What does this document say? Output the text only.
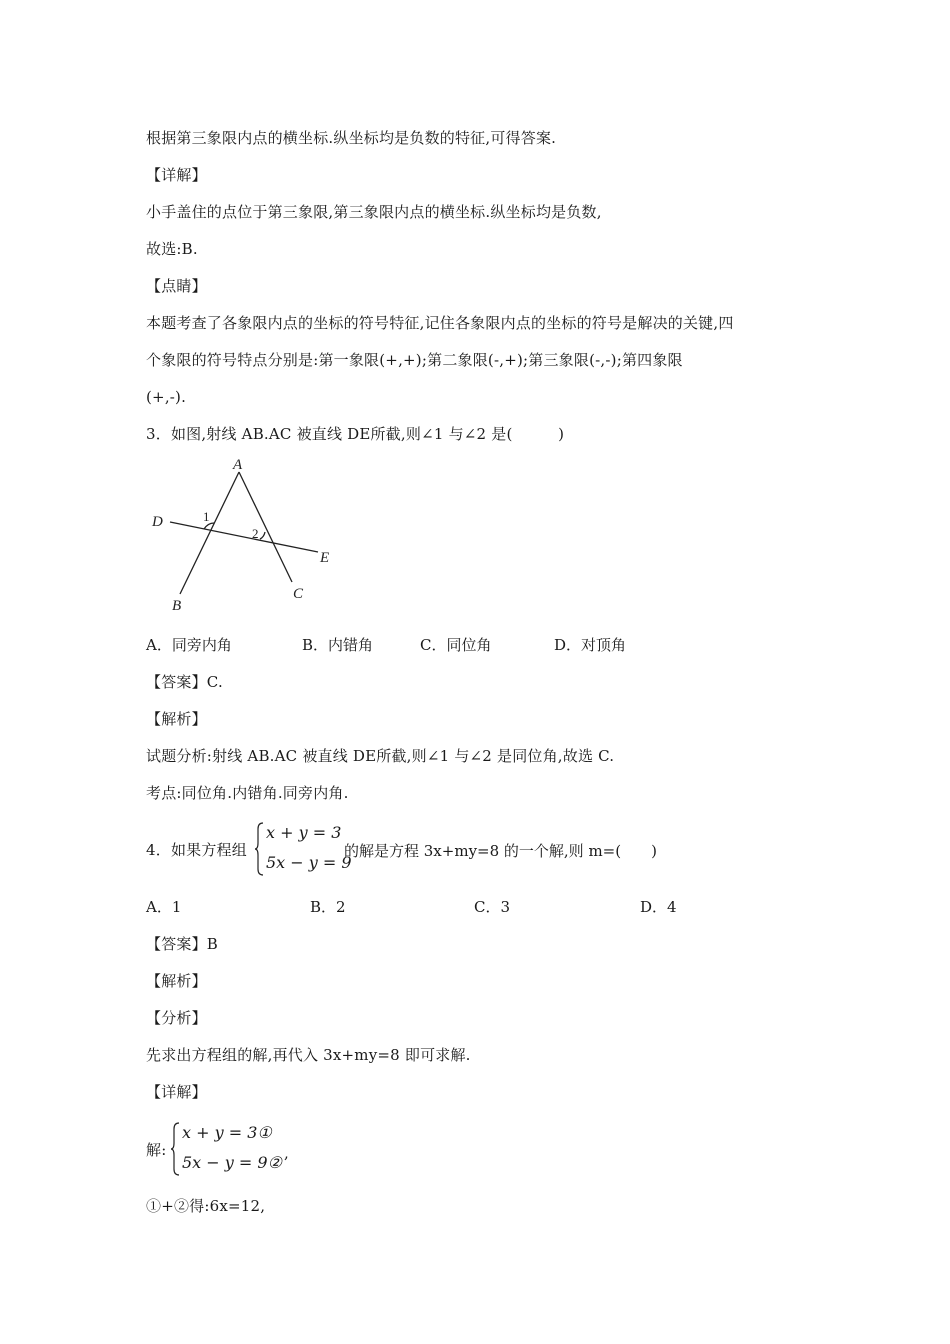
根据第三象限内点的横坐标.纵坐标均是负数的特征,可得答案.
【详解】
小手盖住的点位于第三象限,第三象限内点的横坐标.纵坐标均是负数,
故选:B.
【点睛】
本题考查了各象限内点的坐标的符号特征,记住各象限内点的坐标的符号是解决的关键,四
个象限的符号特点分别是:第一象限(+,+);第二象限(-,+);第三象限(-,-);第四象限
(+,-).
3．如图,射线 AB.AC 被直线 DE所截,则∠1 与∠2 是(　　　)
A
D
E
B
C
1
2
A．同旁内角	B．内错角	C．同位角	D．对顶角
【答案】C.
【解析】
试题分析:射线 AB.AC 被直线 DE所截,则∠1 与∠2 是同位角,故选 C.
考点:同位角.内错角.同旁内角.
4．如果方程组
x + y = 3
5x − y = 9
的解是方程 3x+my=8 的一个解,则 m=(　　)
A．1	B．2	C．3	D．4
【答案】B
【解析】
【分析】
先求出方程组的解,再代入 3x+my=8 即可求解.
【详解】
解:
x + y = 3①
5x − y = 9② ,
①+②得:6x=12,
